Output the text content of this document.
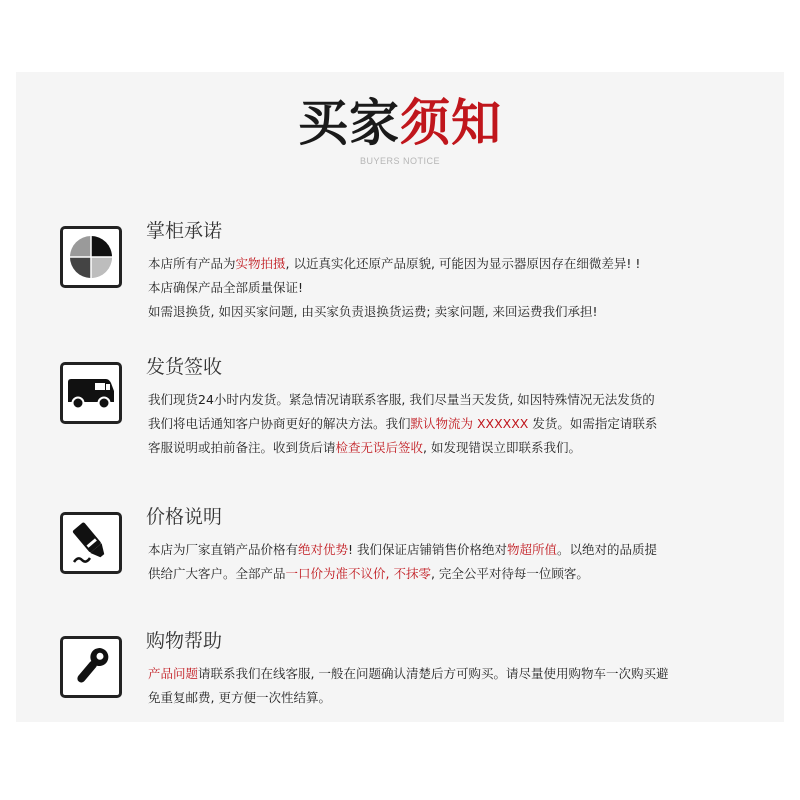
买家须知
BUYERS NOTICE
掌柜承诺
本店所有产品为实物拍摄, 以近真实化还原产品原貌, 可能因为显示器原因存在细微差异! !
本店确保产品全部质量保证!
如需退换货, 如因买家问题, 由买家负责退换货运费; 卖家问题, 来回运费我们承担!
发货签收
我们现货24小时内发货。紧急情况请联系客服, 我们尽量当天发货, 如因特殊情况无法发货的
我们将电话通知客户协商更好的解决方法。我们默认物流为 XXXXXX 发货。如需指定请联系
客服说明或拍前备注。收到货后请检查无误后签收, 如发现错误立即联系我们。
价格说明
本店为厂家直销产品价格有绝对优势! 我们保证店铺销售价格绝对物超所值。以绝对的品质提
供给广大客户。全部产品一口价为准不议价, 不抹零, 完全公平对待每一位顾客。
购物帮助
产品问题请联系我们在线客服, 一般在问题确认清楚后方可购买。请尽量使用购物车一次购买避
免重复邮费, 更方便一次性结算。
